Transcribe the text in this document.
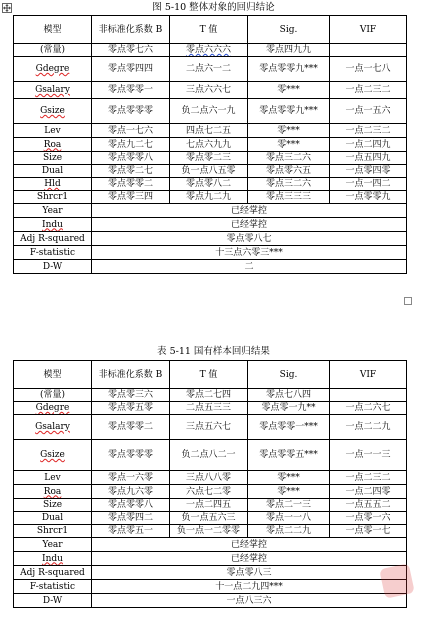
图 5-10 整体对象的回归结论
模型	非标准化系数 B	T 值	Sig.	VIF
(常量)	零点零七六	零点六六六	零点四九九	
Gdegre	零点零四四	二点六一二	零点零零九***	一点一七八
Gsalary	零点零零一	三点六六七	零***	一点二三二
Gsize	零点零零零	负二点六一九	零点零零九***	一点一五六
Lev	零点一七六	四点七二五	零***	一点二三二
Roa	零点九二七	七点六九九	零***	一点二四九
Size	零点零零八	零点零二三	零点三二六	一点五四九
Dual	零点零二七	负一点八五零	零点零六五	一点零四零
Hld	零点零零二	零点零八二	零点三二六	一点一四二
Shrcr1	零点零三四	零点九二九	零点三三三	一点零零九
Year	已经掌控			
Indu	已经掌控			
Adj R-squared	零点零八七			
F-statistic	十三点六零三***			
D-W	二			
表 5-11 国有样本回归结果
模型	非标准化系数 B	T 值	Sig.	VIF
(常量)	零点零三六	零点二七四	零点七八四	
Gdegre	零点零五零	二点五三三	零点零一九**	一点二六七
Gsalary	零点零零二	三点五六七	零点零零一***	一点二二九
Gsize	零点零零零	负二点八二一	零点零零五***	一点一一三
Lev	零点一六零	三点八八零	零***	一点二三二
Roa	零点九六零	六点七二零	零***	一点二四零
Size	零点零零八	一点二四五	零点二一三	一点五五二
Dual	零点零四二	负一点五六三	零点一一八	一点零一六
Shrcr1	零点零五一	负一点一二零零	零点二二九	一点零一七
Year	已经掌控			
Indu	已经掌控			
Adj R-squared	零点零八三			
F-statistic	十一点二九四***			
D-W	一点八三六			
